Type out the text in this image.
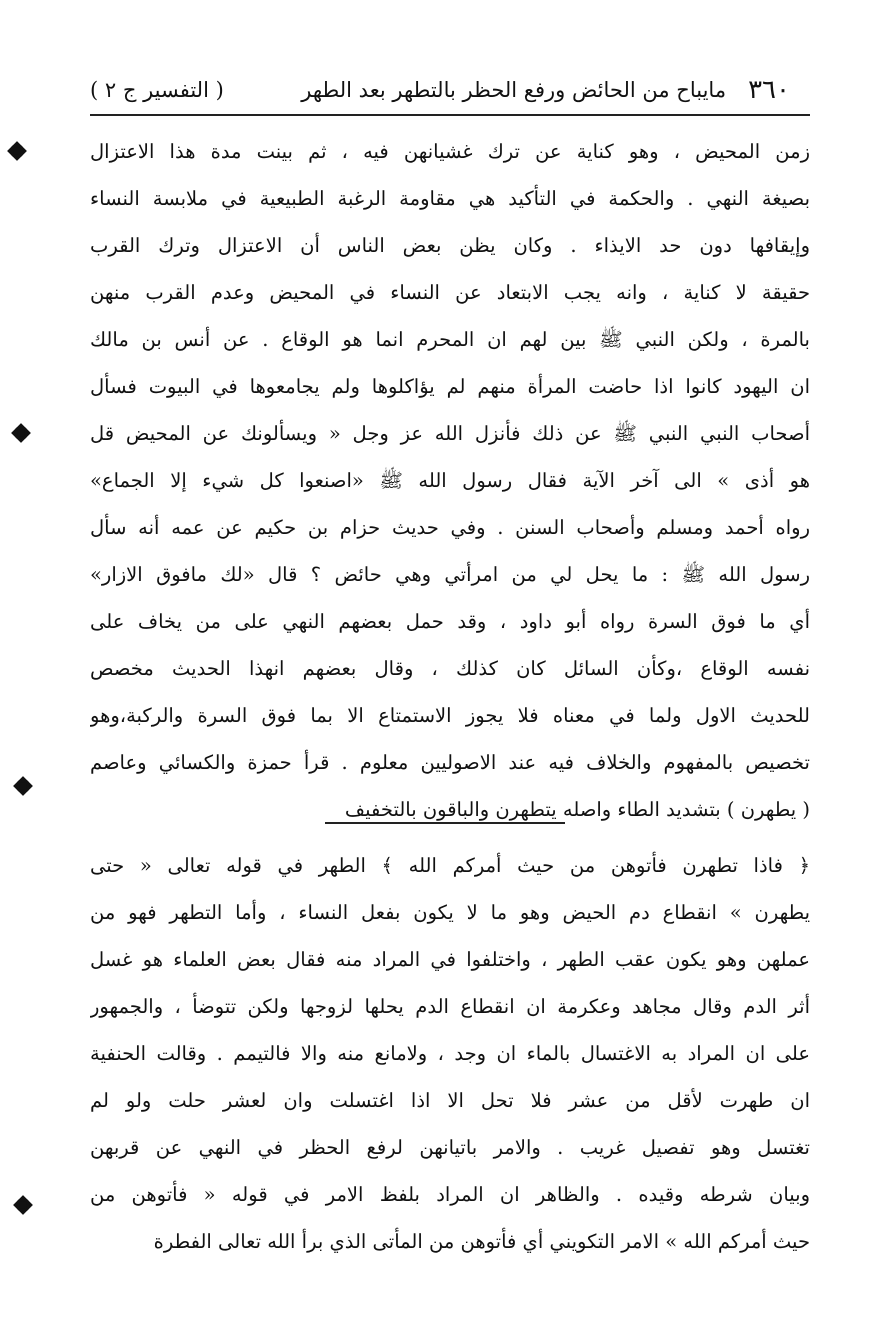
٣٦٠
مايباح من الحائض ورفع الحظر بالتطهر بعد الطهر
( التفسير ج ٢ )
زمن المحيض ، وهو كناية عن ترك غشيانهن فيه ، ثم بينت مدة هذا الاعتزال
بصيغة النهي . والحكمة في التأكيد هي مقاومة الرغبة الطبيعية في ملابسة النساء
وإيقافها دون حد الايذاء . وكان يظن بعض الناس أن الاعتزال وترك القرب
حقيقة لا كناية ، وانه يجب الابتعاد عن النساء في المحيض وعدم القرب منهن
بالمرة ، ولكن النبي ﷺ بين لهم ان المحرم انما هو الوقاع . عن أنس بن مالك
ان اليهود كانوا اذا حاضت المرأة منهم لم يؤاكلوها ولم يجامعوها في البيوت فسأل
أصحاب النبي النبي ﷺ عن ذلك فأنزل الله عز وجل « ويسألونك عن المحيض قل
هو أذى » الى آخر الآية فقال رسول الله ﷺ «اصنعوا كل شيء إلا الجماع»
رواه أحمد ومسلم وأصحاب السنن . وفي حديث حزام بن حكيم عن عمه أنه سأل
رسول الله ﷺ : ما يحل لي من امرأتي وهي حائض ؟ قال «لك مافوق الازار»
أي ما فوق السرة رواه أبو داود ، وقد حمل بعضهم النهي على من يخاف على
نفسه الوقاع ،وكأن السائل كان كذلك ، وقال بعضهم انهذا الحديث مخصص
للحديث الاول ولما في معناه فلا يجوز الاستمتاع الا بما فوق السرة والركبة،وهو
تخصيص بالمفهوم والخلاف فيه عند الاصوليين معلوم . قرأ حمزة والكسائي وعاصم
( يطهرن ) بتشديد الطاء واصله يتطهرن والباقون بالتخفيف
﴿ فاذا تطهرن فأتوهن من حيث أمركم الله ﴾ الطهر في قوله تعالى « حتى
يطهرن » انقطاع دم الحيض وهو ما لا يكون بفعل النساء ، وأما التطهر فهو من
عملهن وهو يكون عقب الطهر ، واختلفوا في المراد منه فقال بعض العلماء هو غسل
أثر الدم وقال مجاهد وعكرمة ان انقطاع الدم يحلها لزوجها ولكن تتوضأ ، والجمهور
على ان المراد به الاغتسال بالماء ان وجد ، ولامانع منه والا فالتيمم . وقالت الحنفية
ان طهرت لأقل من عشر فلا تحل الا اذا اغتسلت وان لعشر حلت ولو لم
تغتسل وهو تفصيل غريب . والامر باتيانهن لرفع الحظر في النهي عن قربهن
وبيان شرطه وقيده . والظاهر ان المراد بلفظ الامر في قوله « فأتوهن من
حيث أمركم الله » الامر التكويني أي فأتوهن من المأتى الذي برأ الله تعالى الفطرة
